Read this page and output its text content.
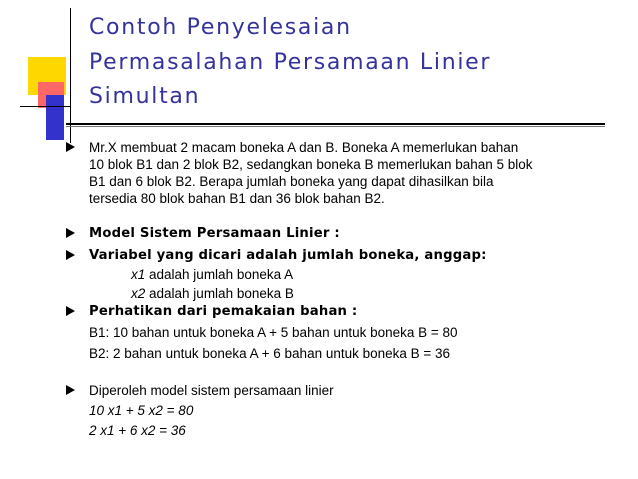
Contoh Penyelesaian
Permasalahan Persamaan Linier
Simultan
Mr.X membuat 2 macam boneka A dan B. Boneka A memerlukan bahan
10 blok B1 dan 2 blok B2, sedangkan boneka B memerlukan bahan 5 blok
B1 dan 6 blok B2. Berapa jumlah boneka yang dapat dihasilkan bila
tersedia 80 blok bahan B1 dan 36 blok bahan B2.
Model Sistem Persamaan Linier :
Variabel yang dicari adalah jumlah boneka, anggap:
x1 adalah jumlah boneka A
x2 adalah jumlah boneka B
Perhatikan dari pemakaian bahan :
B1: 10 bahan untuk boneka A + 5 bahan untuk boneka B = 80
B2: 2 bahan untuk boneka A + 6 bahan untuk boneka B = 36
Diperoleh model sistem persamaan linier
10 x1 + 5 x2 = 80
2 x1 + 6 x2 = 36
